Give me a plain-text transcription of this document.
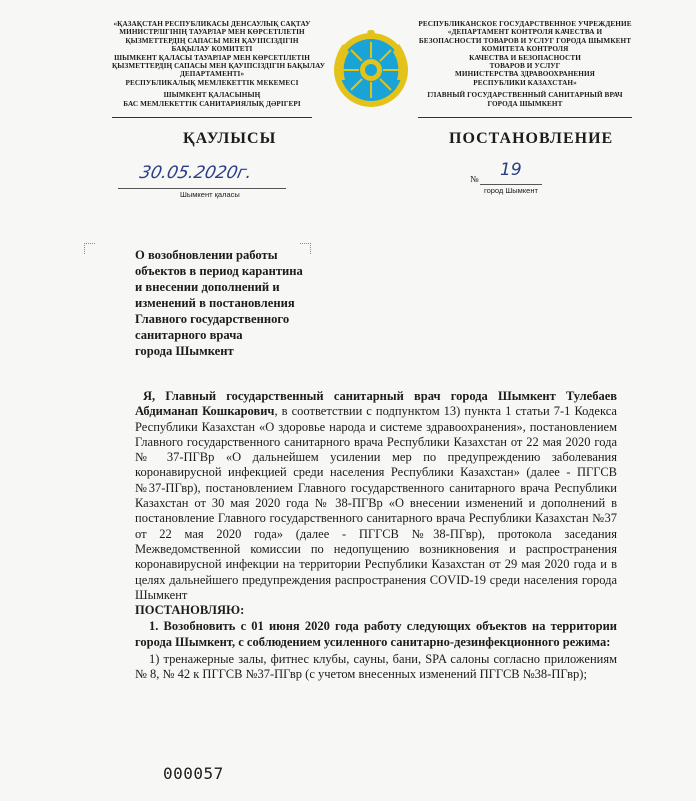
«ҚАЗАҚСТАН РЕСПУБЛИКАСЫ ДЕНСАУЛЫҚ САҚТАУ
МИНИСТРЛІГІНІҢ ТАУАРЛАР МЕН КӨРСЕТІЛЕТІН
ҚЫЗМЕТТЕРДІҢ САПАСЫ МЕН ҚАУІПСІЗДІГІН
БАҚЫЛАУ КОМИТЕТІ
ШЫМКЕНТ ҚАЛАСЫ ТАУАРЛАР МЕН КӨРСЕТІЛЕТІН
ҚЫЗМЕТТЕРДІҢ САПАСЫ МЕН ҚАУІПСІЗДІГІН БАҚЫЛАУ
ДЕПАРТАМЕНТІ»
РЕСПУБЛИКАЛЫҚ МЕМЛЕКЕТТІК МЕКЕМЕСІ
ШЫМКЕНТ ҚАЛАСЫНЫҢ
БАС МЕМЛЕКЕТТІК САНИТАРИЯЛЫҚ ДӘРІГЕРІ
РЕСПУБЛИКАНСКОЕ ГОСУДАРСТВЕННОЕ УЧРЕЖДЕНИЕ
«ДЕПАРТАМЕНТ КОНТРОЛЯ КАЧЕСТВА И
БЕЗОПАСНОСТИ ТОВАРОВ И УСЛУГ ГОРОДА ШЫМКЕНТ
КОМИТЕТА КОНТРОЛЯ
КАЧЕСТВА И БЕЗОПАСНОСТИ
ТОВАРОВ И УСЛУГ
МИНИСТЕРСТВА ЗДРАВООХРАНЕНИЯ
РЕСПУБЛИКИ КАЗАХСТАН»
ГЛАВНЫЙ ГОСУДАРСТВЕННЫЙ САНИТАРНЫЙ ВРАЧ
ГОРОДА ШЫМКЕНТ
ҚАУЛЫСЫ	ПОСТАНОВЛЕНИЕ
30.05.2020г.
Шымкент қаласы
№ 19
город Шымкент
О возобновлении работы
объектов в период карантина
и внесении дополнений и
изменений в постановления
Главного государственного
санитарного врача
города Шымкент
Я, Главный государственный санитарный врач города Шымкент Тулебаев Абдиманап Кошкарович, в соответствии с подпунктом 13) пункта 1 статьи 7-1 Кодекса Республики Казахстан «О здоровье народа и системе здравоохранения», постановлением Главного государственного санитарного врача Республики Казахстан от 22 мая 2020 года № 37-ПГВр «О дальнейшем усилении мер по предупреждению заболевания коронавирусной инфекцией среди населения Республики Казахстан» (далее - ПГГСВ №37-ПГвр), постановлением Главного государственного санитарного врача Республики Казахстан от 30 мая 2020 года № 38-ПГВр «О внесении изменений и дополнений в постановление Главного государственного санитарного врача Республики Казахстан №37 от 22 мая 2020 года» (далее - ПГГСВ №38-ПГвр), протокола заседания Межведомственной комиссии по недопущению возникновения и распространения коронавирусной инфекции на территории Республики Казахстан от 29 мая 2020 года и в целях дальнейшего предупреждения распространения COVID-19 среди населения города Шымкент
ПОСТАНОВЛЯЮ:
1. Возобновить с 01 июня 2020 года работу следующих объектов на территории города Шымкент, с соблюдением усиленного санитарно-дезинфекционного режима:
1) тренажерные залы, фитнес клубы, сауны, бани, SPA салоны согласно приложениям № 8, № 42 к ПГГСВ №37-ПГвр (с учетом внесенных изменений ПГГСВ №38-ПГвр);
000057
